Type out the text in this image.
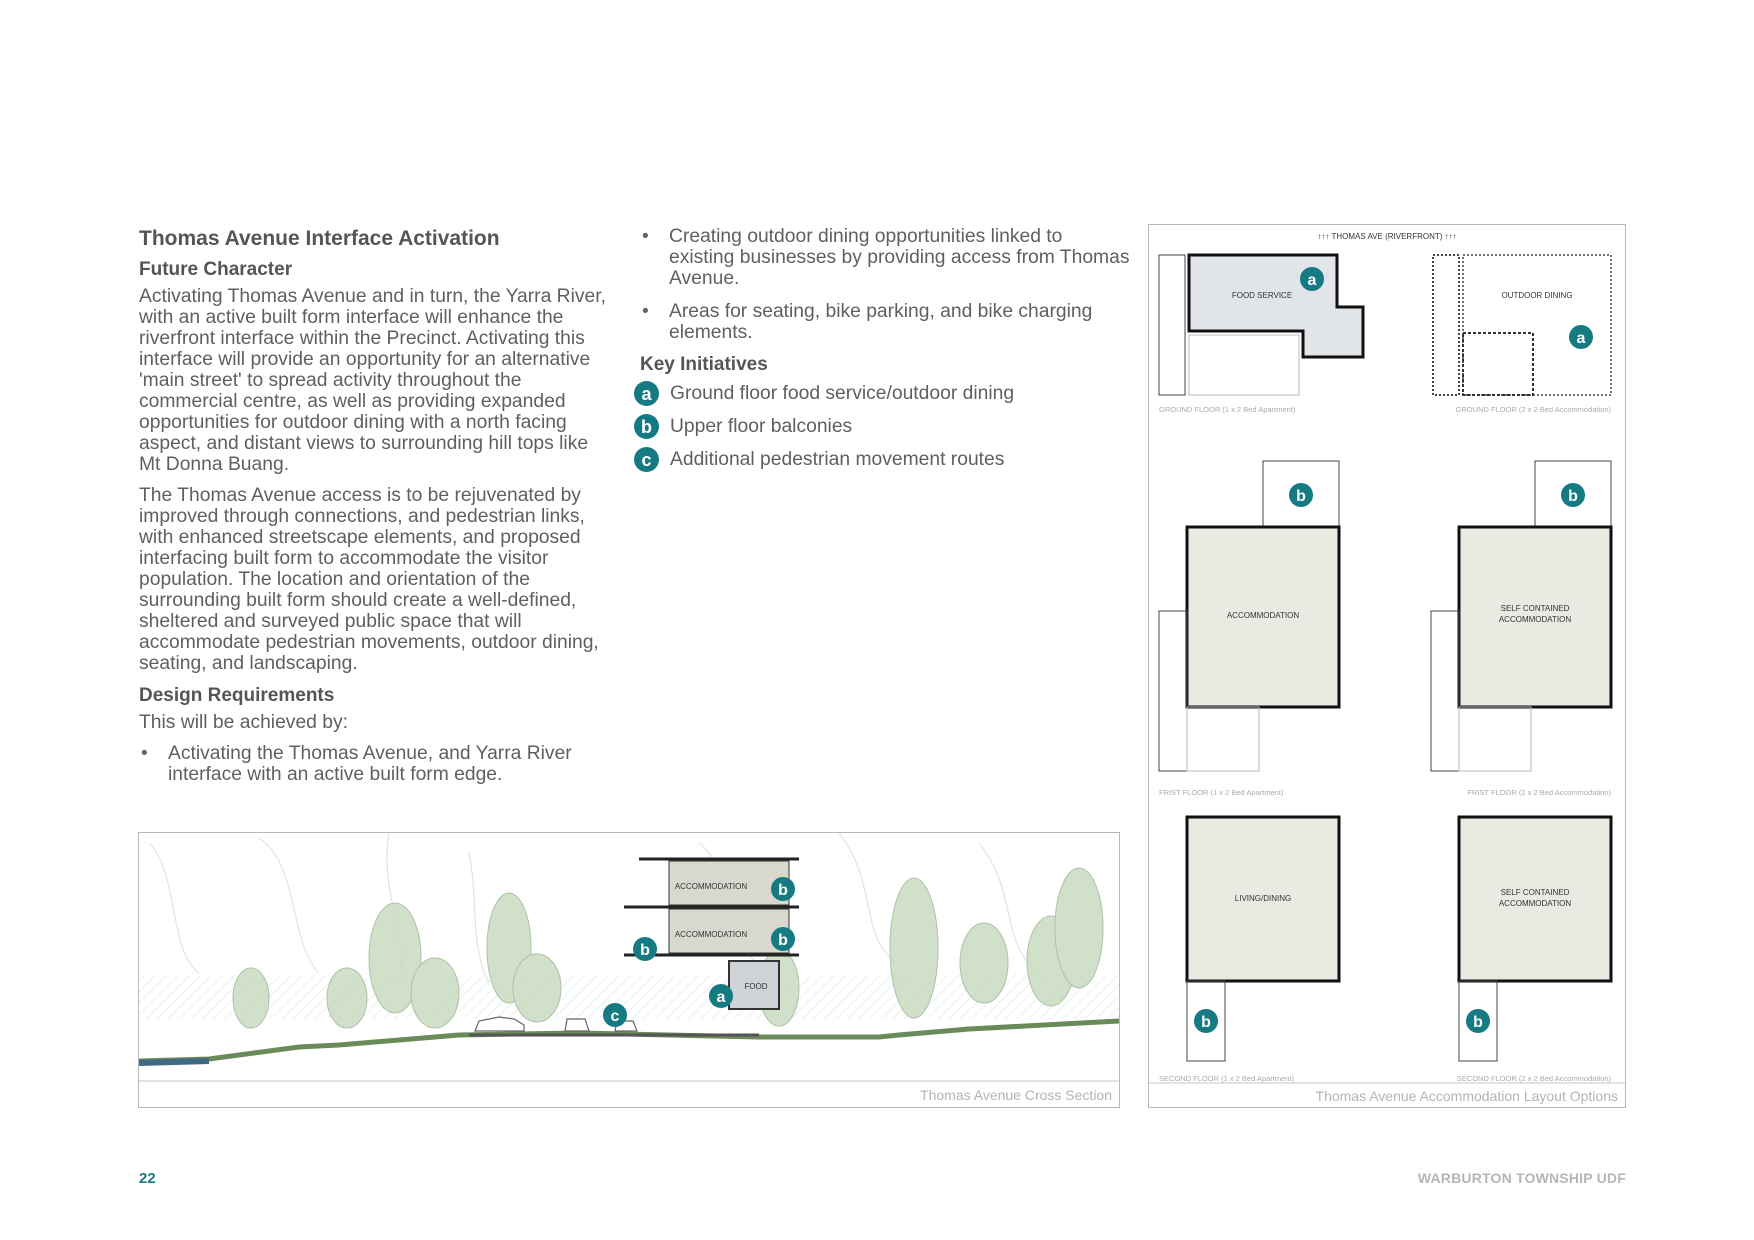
Thomas Avenue Interface Activation
Future Character

Activating Thomas Avenue and in turn, the Yarra River, with an active built form interface will enhance the riverfront interface within the Precinct. Activating this interface will provide an opportunity for an alternative 'main street' to spread activity throughout the commercial centre, as well as providing expanded opportunities for outdoor dining with a north facing aspect, and distant views to surrounding hill tops like Mt Donna Buang.

The Thomas Avenue access is to be rejuvenated by improved through connections, and pedestrian links, with enhanced streetscape elements, and proposed interfacing built form to accommodate the visitor population. The location and orientation of the surrounding built form should create a well-defined, sheltered and surveyed public space that will accommodate pedestrian movements, outdoor dining, seating, and landscaping.

Design Requirements

This will be achieved by:

• Activating the Thomas Avenue, and Yarra River interface with an active built form edge.
• Creating outdoor dining opportunities linked to existing businesses by providing access from Thomas Avenue.
• Areas for seating, bike parking, and bike charging elements.
Key Initiatives
a Ground floor food service/outdoor dining
b Upper floor balconies
c Additional pedestrian movement routes
ACCOMMODATION
ACCOMMODATION
FOOD
b
b
b
a
c
Thomas Avenue Cross Section
↑↑↑ THOMAS AVE (RIVERFRONT) ↑↑↑
FOOD SERVICE
a
GROUND FLOOR (1 x 2 Bed Apartment)
OUTDOOR DINING
a
GROUND FLOOR (2 x 2 Bed Accommodation)
ACCOMMODATION
b
FRIST FLOOR (1 x 2 Bed Apartment)
SELF CONTAINED
ACCOMMODATION
b
FRIST FLOOR (2 x 2 Bed Accommodation)
LIVING/DINING
b
SECOND FLOOR (1 x 2 Bed Apartment)
SELF CONTAINED
ACCOMMODATION
b
SECOND FLOOR (2 x 2 Bed Accommodation)
Thomas Avenue Accommodation Layout Options
22	WARBURTON TOWNSHIP UDF
